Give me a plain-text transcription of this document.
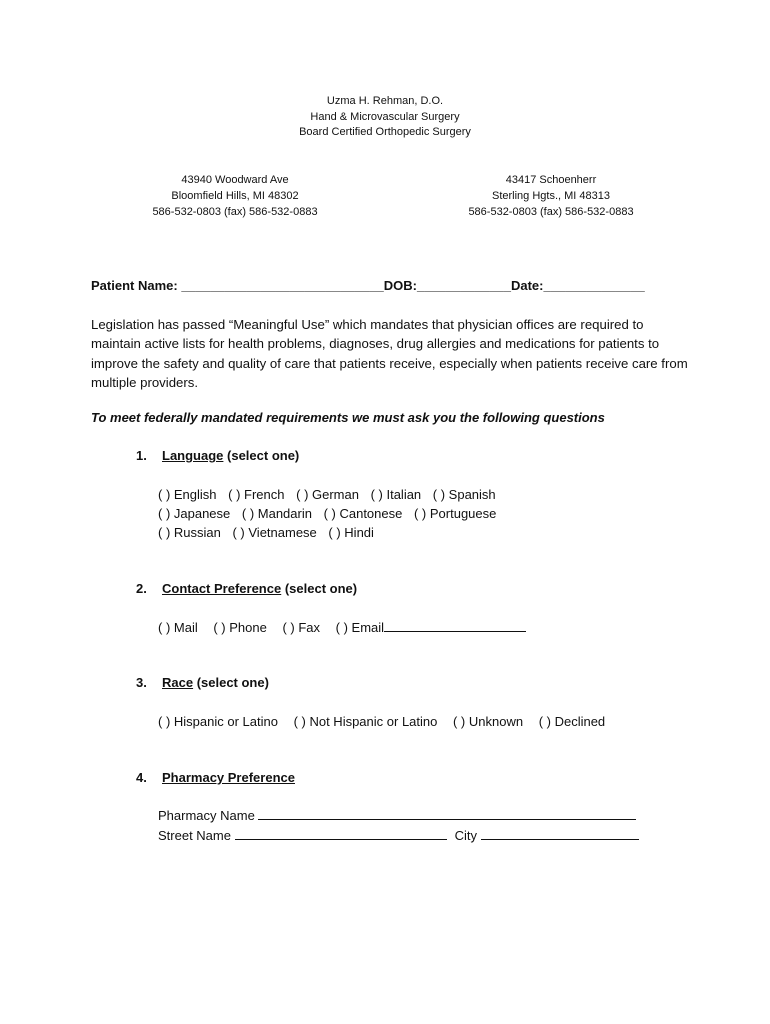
Uzma H. Rehman, D.O.
Hand & Microvascular Surgery
Board Certified Orthopedic Surgery
43940 Woodward Ave
Bloomfield Hills, MI 48302
586-532-0803 (fax) 586-532-0883
43417 Schoenherr
Sterling Hgts., MI 48313
586-532-0803 (fax) 586-532-0883
Patient Name: ____________________________DOB:_____________Date:______________

Legislation has passed “Meaningful Use” which mandates that physician offices are required to maintain active lists for health problems, diagnoses, drug allergies and medications for patients to improve the safety and quality of care that patients receive, especially when patients receive care from multiple providers.

To meet federally mandated requirements we must ask you the following questions
1. Language (select one)
( ) English ( ) French ( ) German ( ) Italian ( ) Spanish
( ) Japanese ( ) Mandarin ( ) Cantonese ( ) Portuguese
( ) Russian ( ) Vietnamese ( ) Hindi
2. Contact Preference (select one)
( ) Mail ( ) Phone ( ) Fax ( ) Email
3. Race (select one)
( ) Hispanic or Latino ( ) Not Hispanic or Latino ( ) Unknown ( ) Declined
4. Pharmacy Preference
Pharmacy Name
Street Name	City
